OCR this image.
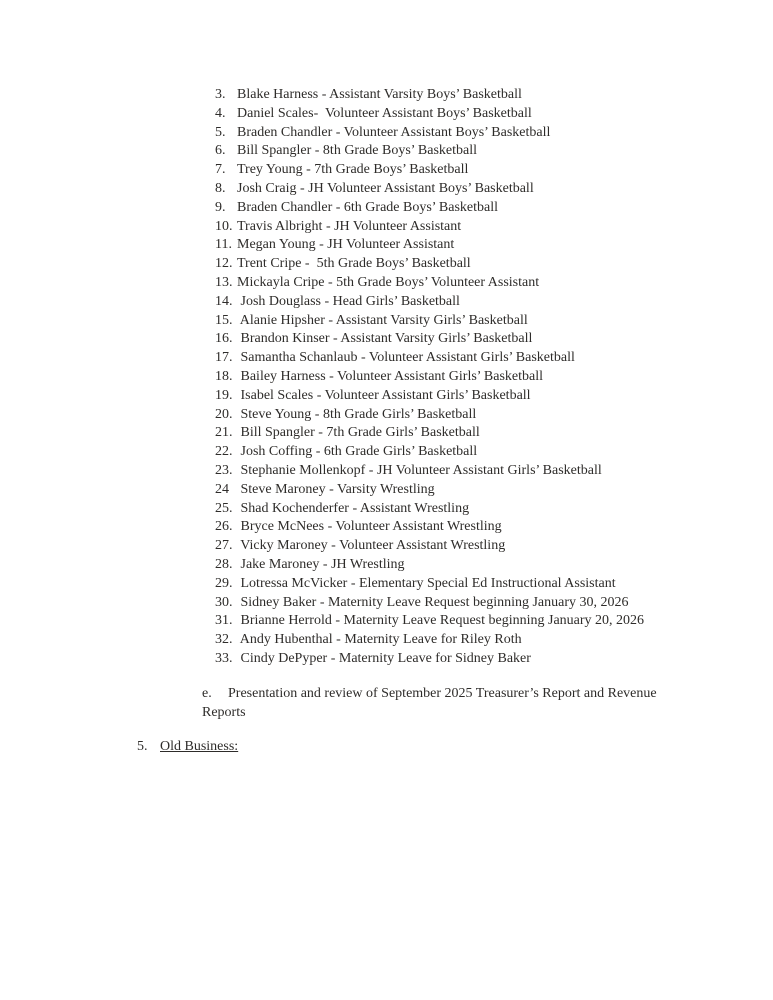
3. Blake Harness - Assistant Varsity Boys’ Basketball
4. Daniel Scales-  Volunteer Assistant Boys’ Basketball
5. Braden Chandler - Volunteer Assistant Boys’ Basketball
6. Bill Spangler - 8th Grade Boys’ Basketball
7. Trey Young - 7th Grade Boys’ Basketball
8. Josh Craig - JH Volunteer Assistant Boys’ Basketball
9. Braden Chandler - 6th Grade Boys’ Basketball
10. Travis Albright - JH Volunteer Assistant
11. Megan Young - JH Volunteer Assistant
12. Trent Cripe -  5th Grade Boys’ Basketball
13. Mickayla Cripe - 5th Grade Boys’ Volunteer Assistant
14. Josh Douglass - Head Girls’ Basketball
15. Alanie Hipsher - Assistant Varsity Girls’ Basketball
16. Brandon Kinser - Assistant Varsity Girls’ Basketball
17. Samantha Schanlaub - Volunteer Assistant Girls’ Basketball
18. Bailey Harness - Volunteer Assistant Girls’ Basketball
19. Isabel Scales - Volunteer Assistant Girls’ Basketball
20. Steve Young - 8th Grade Girls’ Basketball
21. Bill Spangler - 7th Grade Girls’ Basketball
22. Josh Coffing - 6th Grade Girls’ Basketball
23. Stephanie Mollenkopf - JH Volunteer Assistant Girls’ Basketball
24 Steve Maroney - Varsity Wrestling
25. Shad Kochenderfer - Assistant Wrestling
26. Bryce McNees - Volunteer Assistant Wrestling
27. Vicky Maroney - Volunteer Assistant Wrestling
28. Jake Maroney - JH Wrestling
29. Lotressa McVicker - Elementary Special Ed Instructional Assistant
30. Sidney Baker - Maternity Leave Request beginning January 30, 2026
31. Brianne Herrold - Maternity Leave Request beginning January 20, 2026
32. Andy Hubenthal - Maternity Leave for Riley Roth
33. Cindy DePyper - Maternity Leave for Sidney Baker
e. Presentation and review of September 2025 Treasurer’s Report and Revenue
Reports
5. Old Business:
